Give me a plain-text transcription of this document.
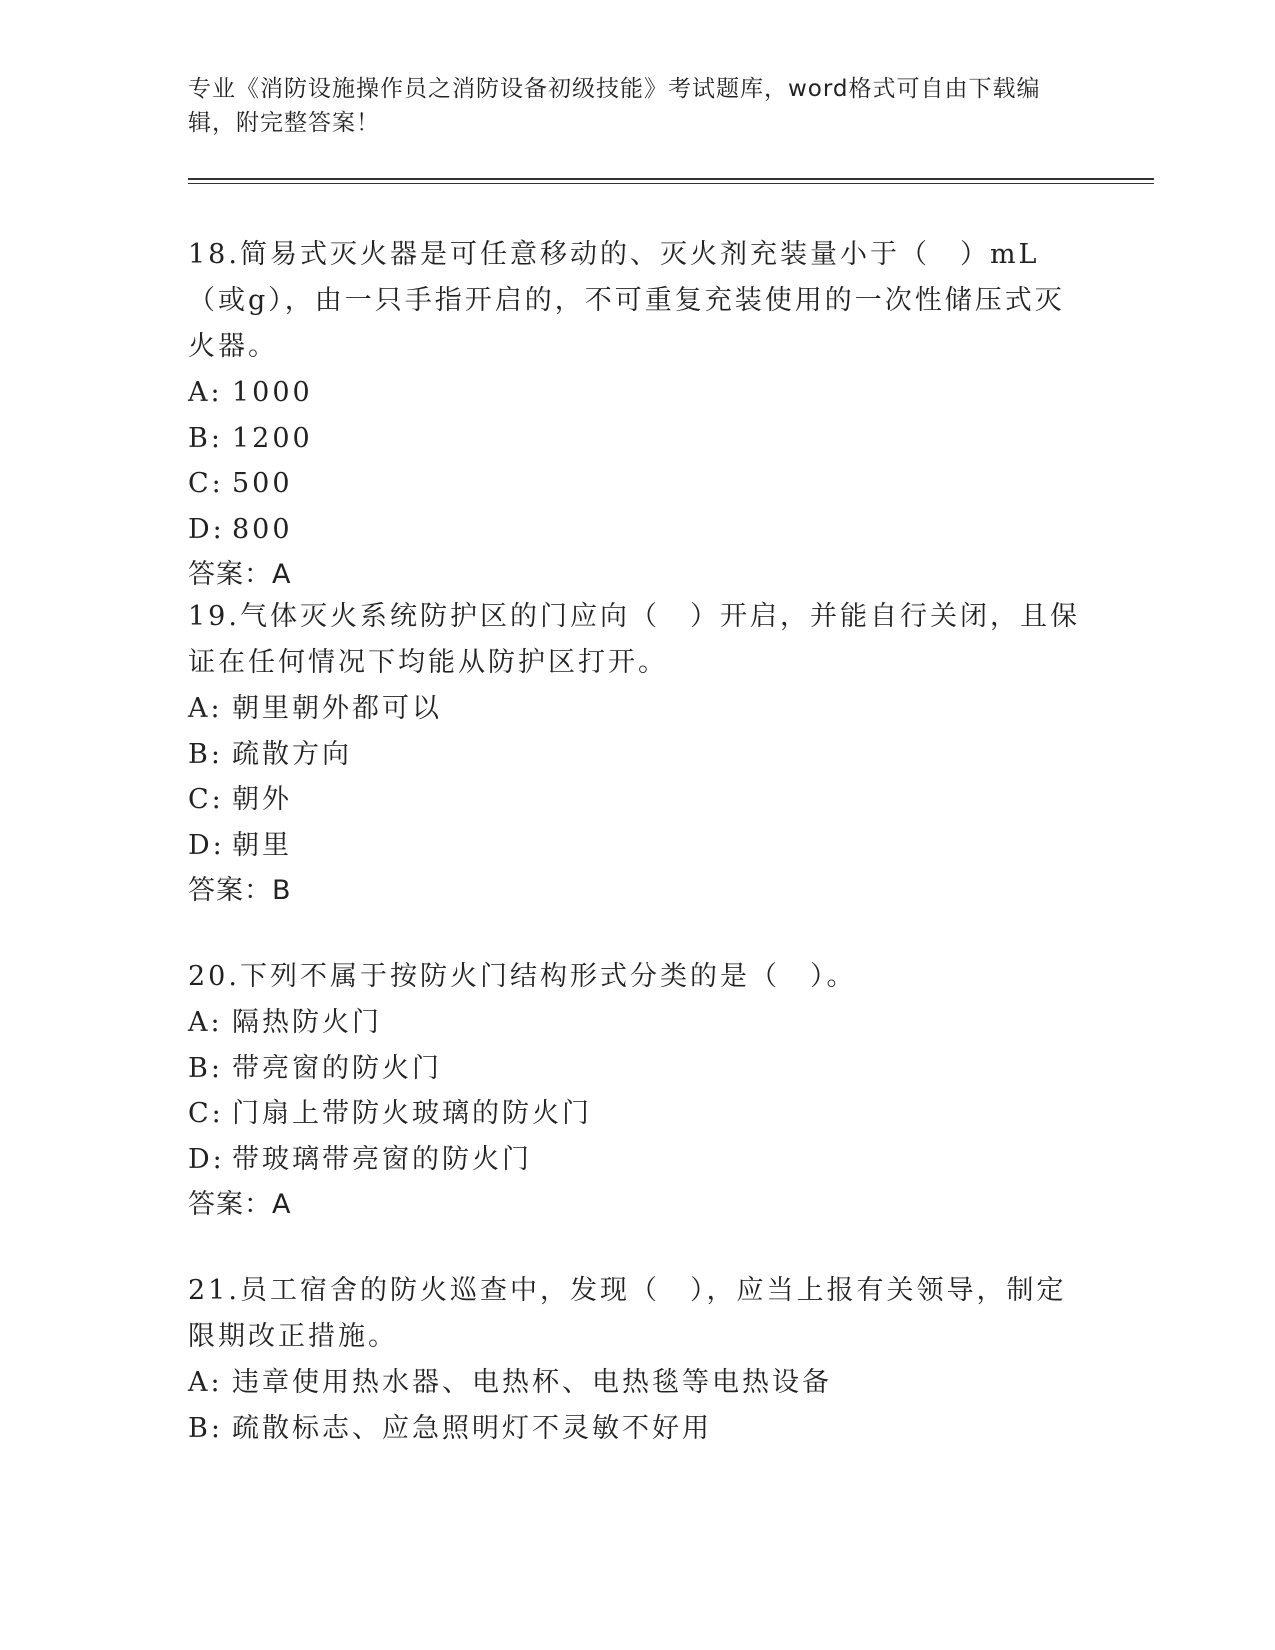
专业《消防设施操作员之消防设备初级技能》考试题库，word格式可自由下载编辑，附完整答案！

18.简易式灭火器是可任意移动的、灭火剂充装量小于（　）mL（或g），由一只手指开启的，不可重复充装使用的一次性储压式灭火器。

A: 1000

B: 1200

C: 500

D: 800

答案：A

19.气体灭火系统防护区的门应向（　）开启，并能自行关闭，且保证在任何情况下均能从防护区打开。

A: 朝里朝外都可以

B: 疏散方向

C: 朝外

D: 朝里

答案：B

20.下列不属于按防火门结构形式分类的是（　）。

A: 隔热防火门

B: 带亮窗的防火门

C: 门扇上带防火玻璃的防火门

D: 带玻璃带亮窗的防火门

答案：A

21.员工宿舍的防火巡查中，发现（　），应当上报有关领导，制定限期改正措施。

A: 违章使用热水器、电热杯、电热毯等电热设备

B: 疏散标志、应急照明灯不灵敏不好用
